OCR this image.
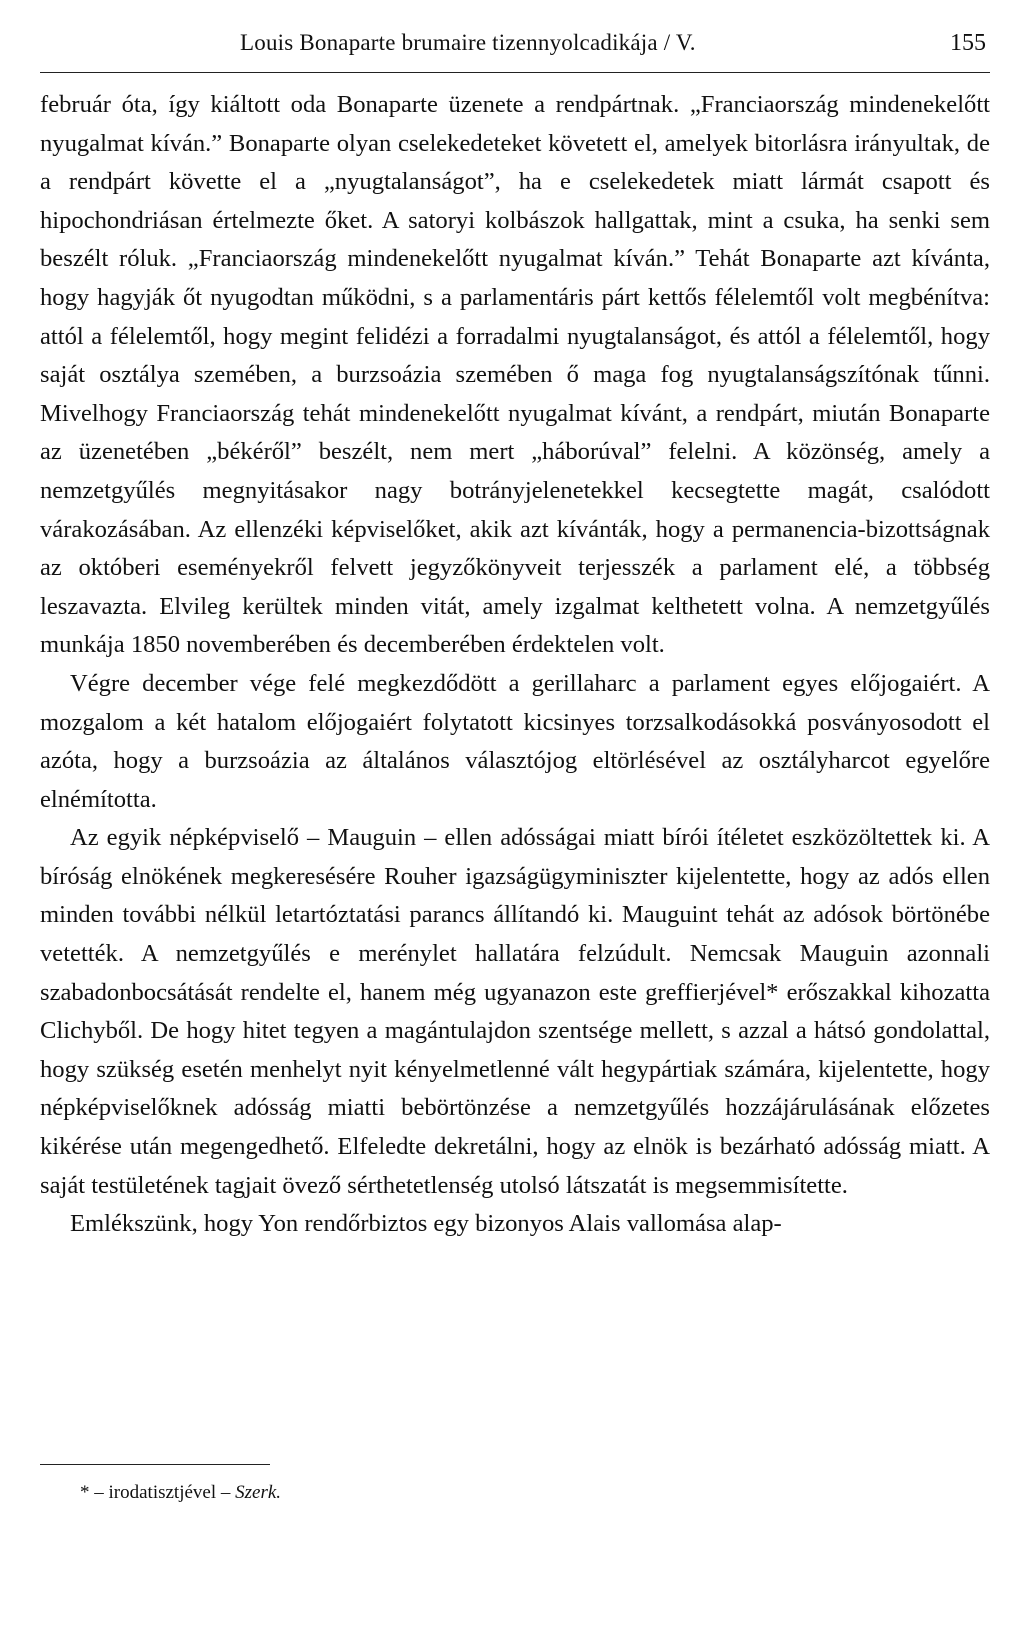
Louis Bonaparte brumaire tizennyolcadikája / V.	155

február óta, így kiáltott oda Bonaparte üzenete a rendpártnak. „Franciaország mindenekelőtt nyugalmat kíván.” Bonaparte olyan cselekedeteket követett el, amelyek bitorlásra irányultak, de a rendpárt követte el a „nyugtalanságot”, ha e cselekedetek miatt lármát csapott és hipochondriásan értelmezte őket. A satoryi kolbászok hallgattak, mint a csuka, ha senki sem beszélt róluk. „Franciaország mindenekelőtt nyugalmat kíván.” Tehát Bonaparte azt kívánta, hogy hagyják őt nyugodtan működni, s a parlamentáris párt kettős félelemtől volt megbénítva: attól a félelemtől, hogy megint felidézi a forradalmi nyugtalanságot, és attól a félelemtől, hogy saját osztálya szemében, a burzsoázia szemében ő maga fog nyugtalanságszítónak tűnni. Mivelhogy Franciaország tehát mindenekelőtt nyugalmat kívánt, a rendpárt, miután Bonaparte az üzenetében „békéről” beszélt, nem mert „háborúval” felelni. A közönség, amely a nemzetgyűlés megnyitásakor nagy botrányjelenetekkel kecsegtette magát, csalódott várakozásában. Az ellenzéki képviselőket, akik azt kívánták, hogy a permanencia-bizottságnak az októberi eseményekről felvett jegyzőkönyveit terjesszék a parlament elé, a többség leszavazta. Elvileg kerültek minden vitát, amely izgalmat kelthetett volna. A nemzetgyűlés munkája 1850 novemberében és decemberében érdektelen volt.

Végre december vége felé megkezdődött a gerillaharc a parlament egyes előjogaiért. A mozgalom a két hatalom előjogaiért folytatott kicsinyes torzsalkodásokká posványosodott el azóta, hogy a burzsoázia az általános választójog eltörlésével az osztályharcot egyelőre elnémította.

Az egyik népképviselő – Mauguin – ellen adósságai miatt bírói ítéletet eszközöltettek ki. A bíróság elnökének megkeresésére Rouher igazságügyminiszter kijelentette, hogy az adós ellen minden további nélkül letartóztatási parancs állítandó ki. Mauguint tehát az adósok börtönébe vetették. A nemzetgyűlés e merénylet hallatára felzúdult. Nemcsak Mauguin azonnali szabadonbocsátását rendelte el, hanem még ugyanazon este greffierjével* erőszakkal kihozatta Clichyből. De hogy hitet tegyen a magántulajdon szentsége mellett, s azzal a hátsó gondolattal, hogy szükség esetén menhelyt nyit kényelmetlenné vált hegypártiak számára, kijelentette, hogy népképviselőknek adósság miatti bebörtönzése a nemzetgyűlés hozzájárulásának előzetes kikérése után megengedhető. Elfeledte dekretálni, hogy az elnök is bezárható adósság miatt. A saját testületének tagjait övező sérthetetlenség utolsó látszatát is megsemmisítette.

Emlékszünk, hogy Yon rendőrbiztos egy bizonyos Alais vallomása alap-

* – irodatisztjével – Szerk.
